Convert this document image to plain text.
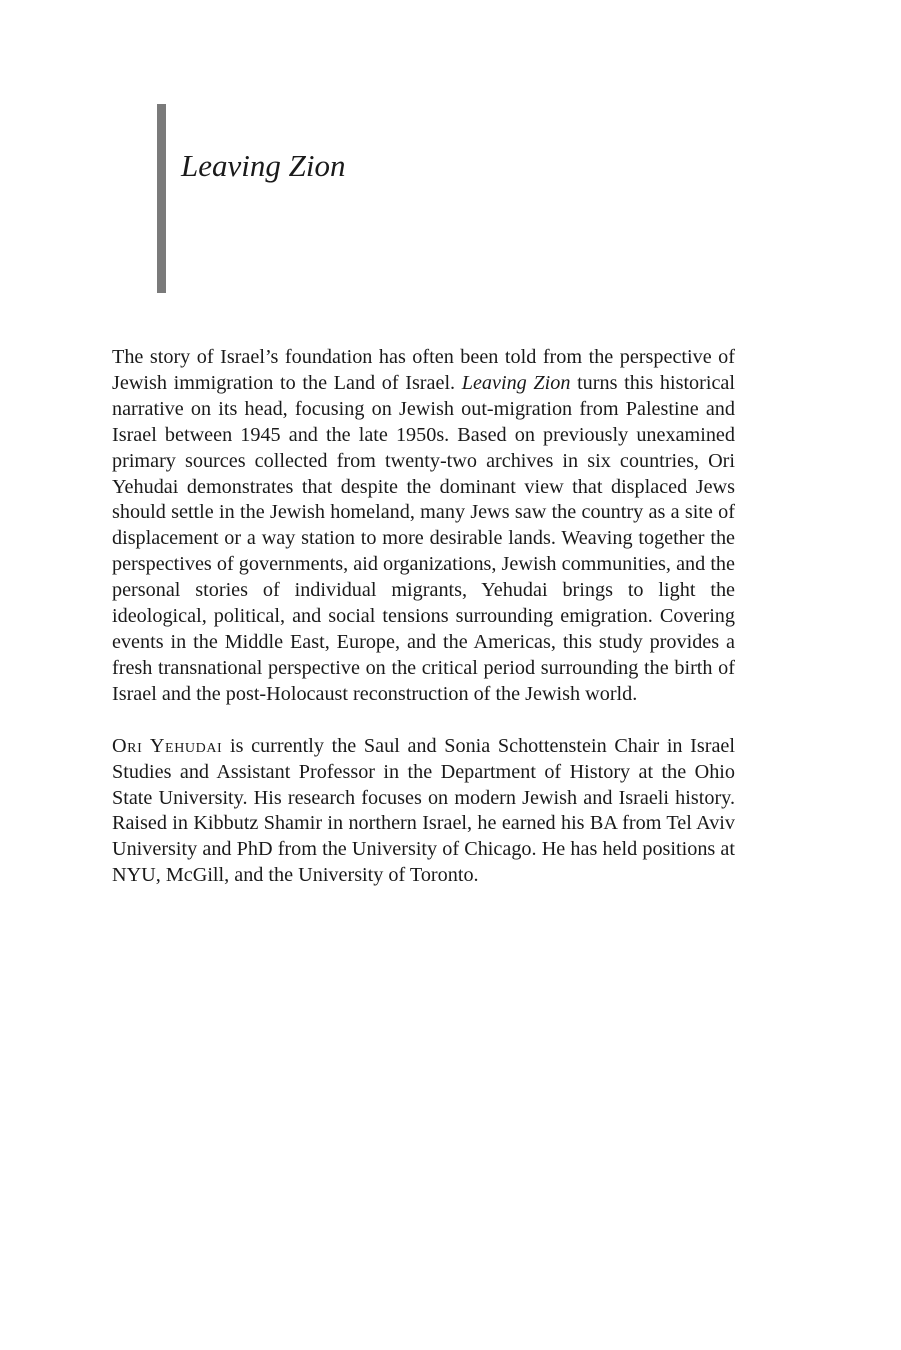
Leaving Zion

The story of Israel’s foundation has often been told from the perspective of Jewish immigration to the Land of Israel. Leaving Zion turns this historical narrative on its head, focusing on Jewish out-migration from Palestine and Israel between 1945 and the late 1950s. Based on previously unexamined primary sources collected from twenty-two archives in six countries, Ori Yehudai demonstrates that despite the dominant view that displaced Jews should settle in the Jewish homeland, many Jews saw the country as a site of displacement or a way station to more desirable lands. Weaving together the perspectives of governments, aid organizations, Jewish communities, and the personal stories of individual migrants, Yehudai brings to light the ideological, political, and social tensions surrounding emigration. Covering events in the Middle East, Europe, and the Americas, this study provides a fresh transnational perspective on the critical period surrounding the birth of Israel and the post-Holocaust reconstruction of the Jewish world.

Ori Yehudai is currently the Saul and Sonia Schottenstein Chair in Israel Studies and Assistant Professor in the Department of History at the Ohio State University. His research focuses on modern Jewish and Israeli history. Raised in Kibbutz Shamir in northern Israel, he earned his BA from Tel Aviv University and PhD from the University of Chicago. He has held positions at NYU, McGill, and the University of Toronto.
